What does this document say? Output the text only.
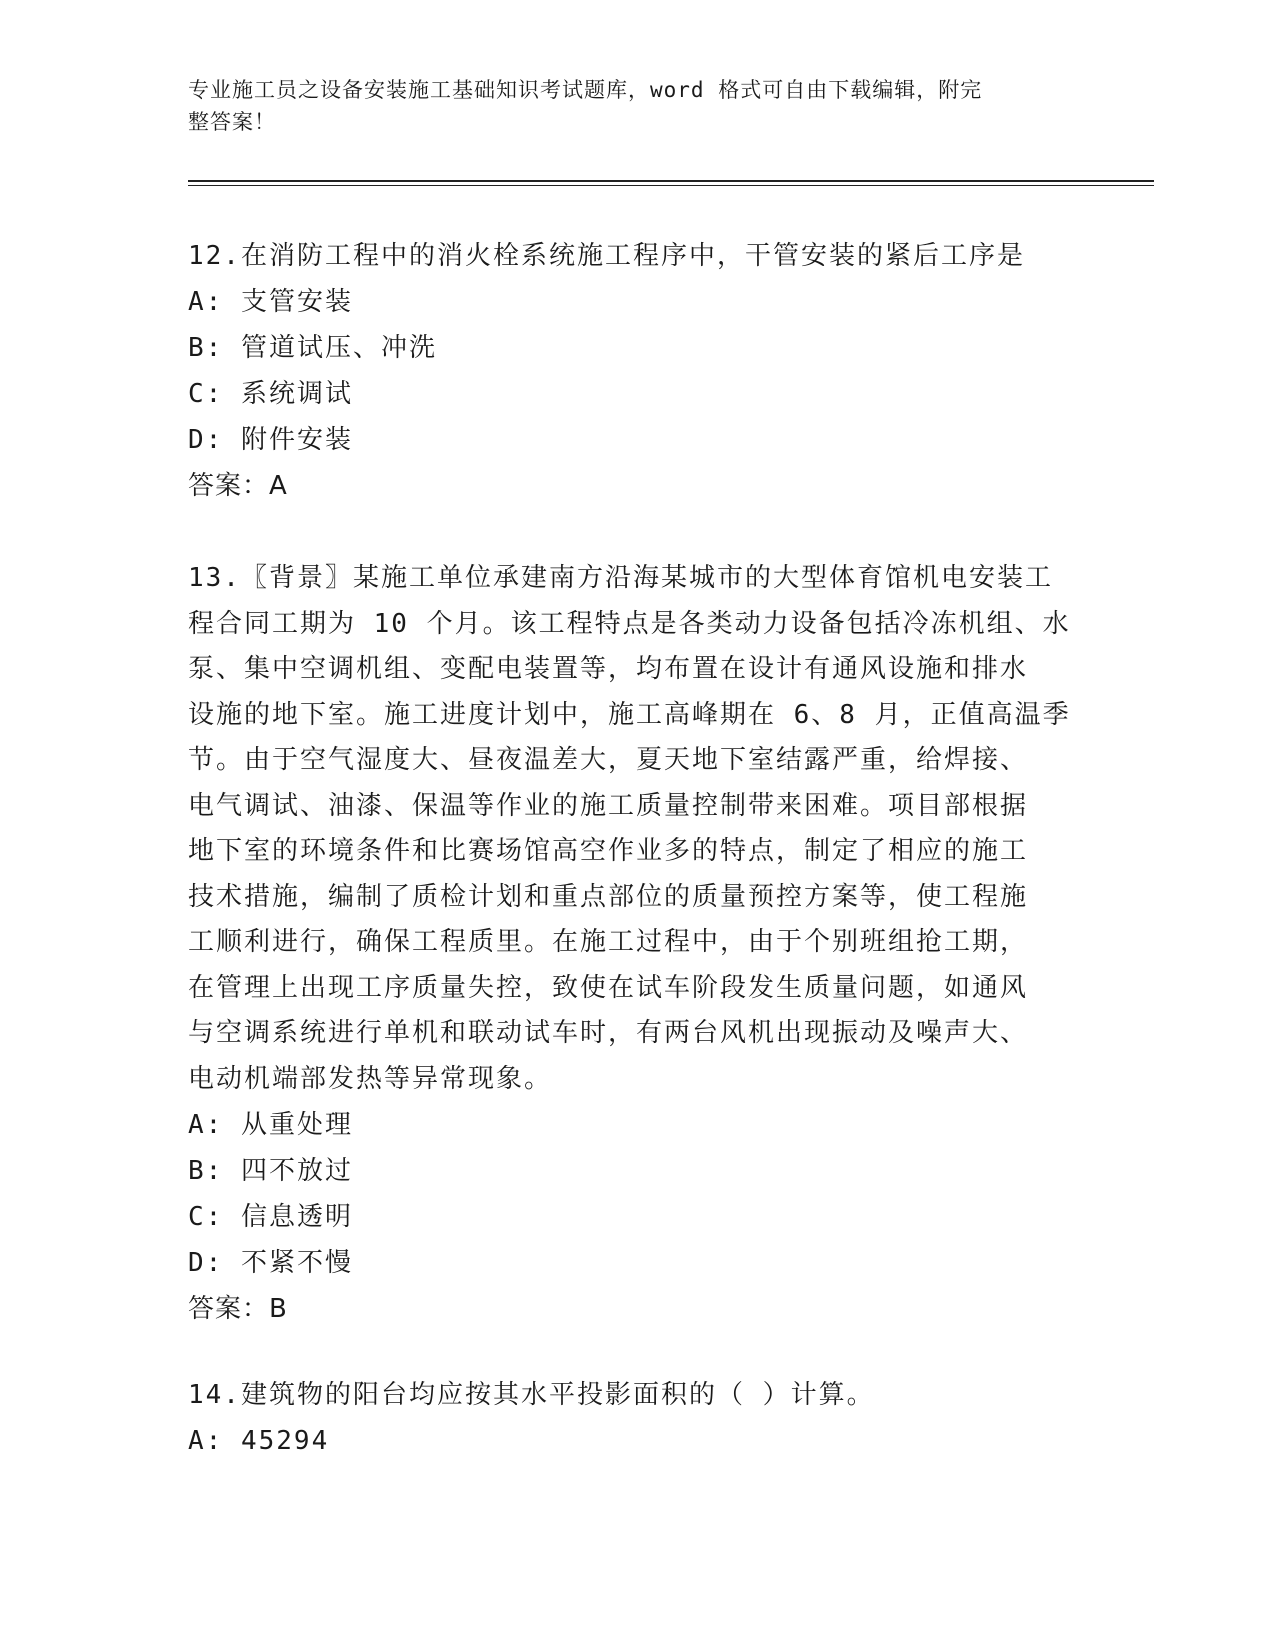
专业施工员之设备安装施工基础知识考试题库，word 格式可自由下载编辑，附完
整答案！

12.在消防工程中的消火栓系统施工程序中，干管安装的紧后工序是

A: 支管安装

B: 管道试压、冲洗

C: 系统调试

D: 附件安装

答案：A

13.〖背景〗某施工单位承建南方沿海某城市的大型体育馆机电安装工

程合同工期为 10 个月。该工程特点是各类动力设备包括冷冻机组、水

泵、集中空调机组、变配电装置等，均布置在设计有通风设施和排水

设施的地下室。施工进度计划中，施工高峰期在 6、8 月，正值高温季

节。由于空气湿度大、昼夜温差大，夏天地下室结露严重，给焊接、

电气调试、油漆、保温等作业的施工质量控制带来困难。项目部根据

地下室的环境条件和比赛场馆高空作业多的特点，制定了相应的施工

技术措施，编制了质检计划和重点部位的质量预控方案等，使工程施

工顺利进行，确保工程质里。在施工过程中，由于个别班组抢工期，

在管理上出现工序质量失控，致使在试车阶段发生质量问题，如通风

与空调系统进行单机和联动试车时，有两台风机出现振动及噪声大、

电动机端部发热等异常现象。

A: 从重处理

B: 四不放过

C: 信息透明

D: 不紧不慢

答案：B

14.建筑物的阳台均应按其水平投影面积的（ ）计算。

A: 45294
